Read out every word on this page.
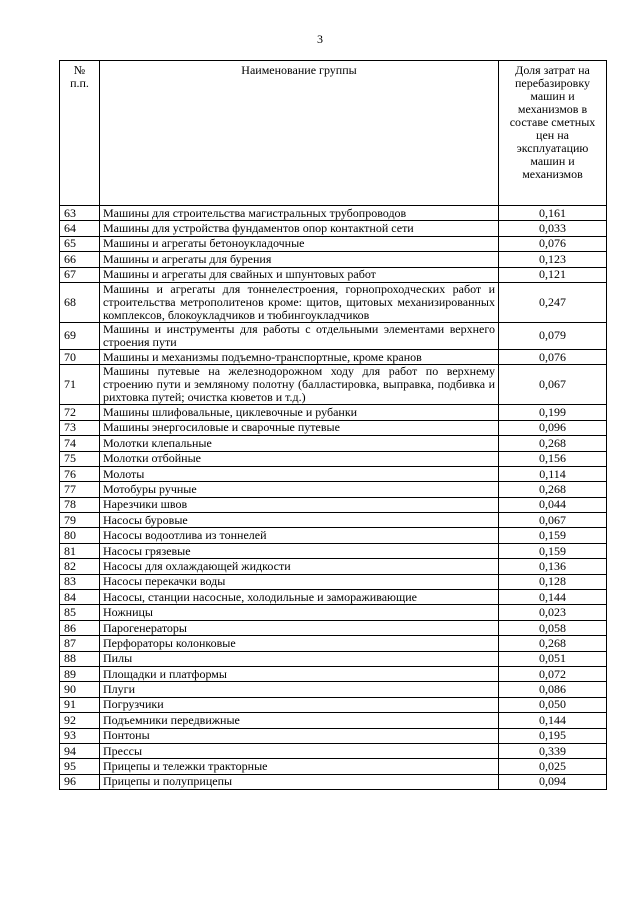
3
№ п.п.	Наименование группы	Доля затрат на перебазировку машин и механизмов в составе сметных цен на эксплуатацию машин и механизмов
63	Машины для строительства магистральных трубопроводов	0,161
64	Машины для устройства фундаментов опор контактной сети	0,033
65	Машины и агрегаты бетоноукладочные	0,076
66	Машины и агрегаты для бурения	0,123
67	Машины и агрегаты для свайных и шпунтовых работ	0,121
68	Машины и агрегаты для тоннелестроения, горнопроходческих работ и строительства метрополитенов кроме: щитов, щитовых механизированных комплексов, блокоукладчиков и тюбингоукладчиков	0,247
69	Машины и инструменты для работы с отдельными элементами верхнего строения пути	0,079
70	Машины и механизмы подъемно-транспортные, кроме кранов	0,076
71	Машины путевые на железнодорожном ходу для работ по верхнему строению пути и земляному полотну (балластировка, выправка, подбивка и рихтовка путей; очистка кюветов и т.д.)	0,067
72	Машины шлифовальные, циклевочные и рубанки	0,199
73	Машины энергосиловые и сварочные путевые	0,096
74	Молотки клепальные	0,268
75	Молотки отбойные	0,156
76	Молоты	0,114
77	Мотобуры ручные	0,268
78	Нарезчики швов	0,044
79	Насосы буровые	0,067
80	Насосы водоотлива из тоннелей	0,159
81	Насосы грязевые	0,159
82	Насосы для охлаждающей жидкости	0,136
83	Насосы перекачки воды	0,128
84	Насосы, станции насосные, холодильные и замораживающие	0,144
85	Ножницы	0,023
86	Парогенераторы	0,058
87	Перфораторы колонковые	0,268
88	Пилы	0,051
89	Площадки и платформы	0,072
90	Плуги	0,086
91	Погрузчики	0,050
92	Подъемники передвижные	0,144
93	Понтоны	0,195
94	Прессы	0,339
95	Прицепы и тележки тракторные	0,025
96	Прицепы и полуприцепы	0,094
